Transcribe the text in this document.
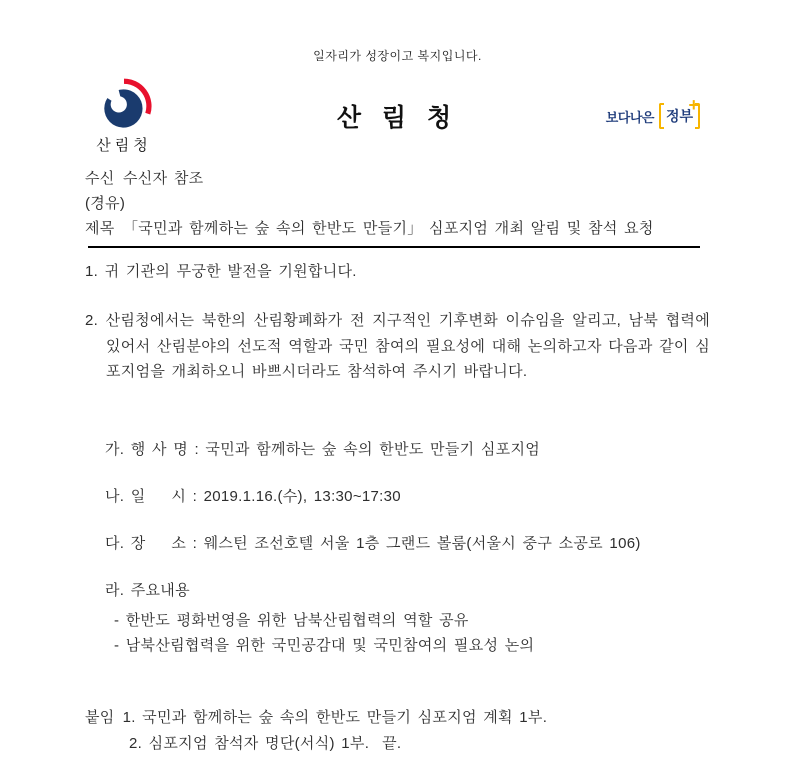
일자리가 성장이고 복지입니다.
산림청
산 림 청	보다나은 정부
+
수신 수신자 참조
(경유)
제목 「국민과 함께하는 숲 속의 한반도 만들기」 심포지엄 개최 알림 및 참석 요청

1. 귀 기관의 무궁한 발전을 기원합니다.

2. 산림청에서는 북한의 산림황폐화가 전 지구적인 기후변화 이슈임을 알리고, 남북 협력에 있어서 산림분야의 선도적 역할과 국민 참여의 필요성에 대해 논의하고자 다음과 같이 심포지엄을 개최하오니 바쁘시더라도 참석하여 주시기 바랍니다.

가. 행 사 명 : 국민과 함께하는 숲 속의 한반도 만들기 심포지엄
나. 일    시 : 2019.1.16.(수), 13:30~17:30
다. 장    소 : 웨스틴 조선호텔 서울 1층 그랜드 볼룸(서울시 중구 소공로 106)
라. 주요내용
- 한반도 평화번영을 위한 남북산림협력의 역할 공유
- 남북산림협력을 위한 국민공감대 및 국민참여의 필요성 논의
붙임 1. 국민과 함께하는 숲 속의 한반도 만들기 심포지엄 계획 1부.
2. 심포지엄 참석자 명단(서식) 1부.  끝.
